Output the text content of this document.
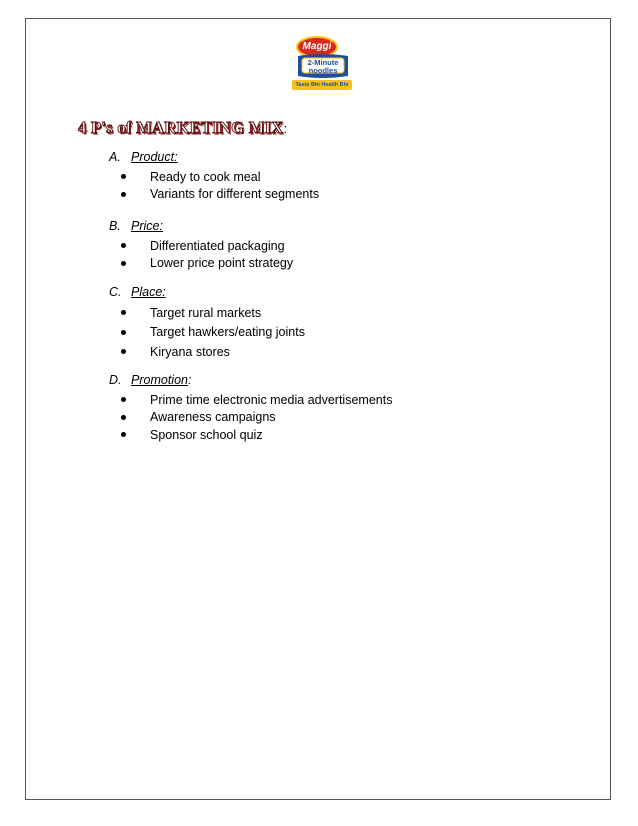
Maggi
2-Minute
noodles
Taste Bhi Health Bhi
4 P's of MARKETING MIX:
A. Product :
Ready to cook meal
Variants for different segments
B. Price :
Differentiated packaging
Lower price point strategy
C. Place :
Target rural markets
Target hawkers/eating joints
Kiryana stores
D. Promotion :
Prime time electronic media advertisements
Awareness campaigns
Sponsor school quiz
